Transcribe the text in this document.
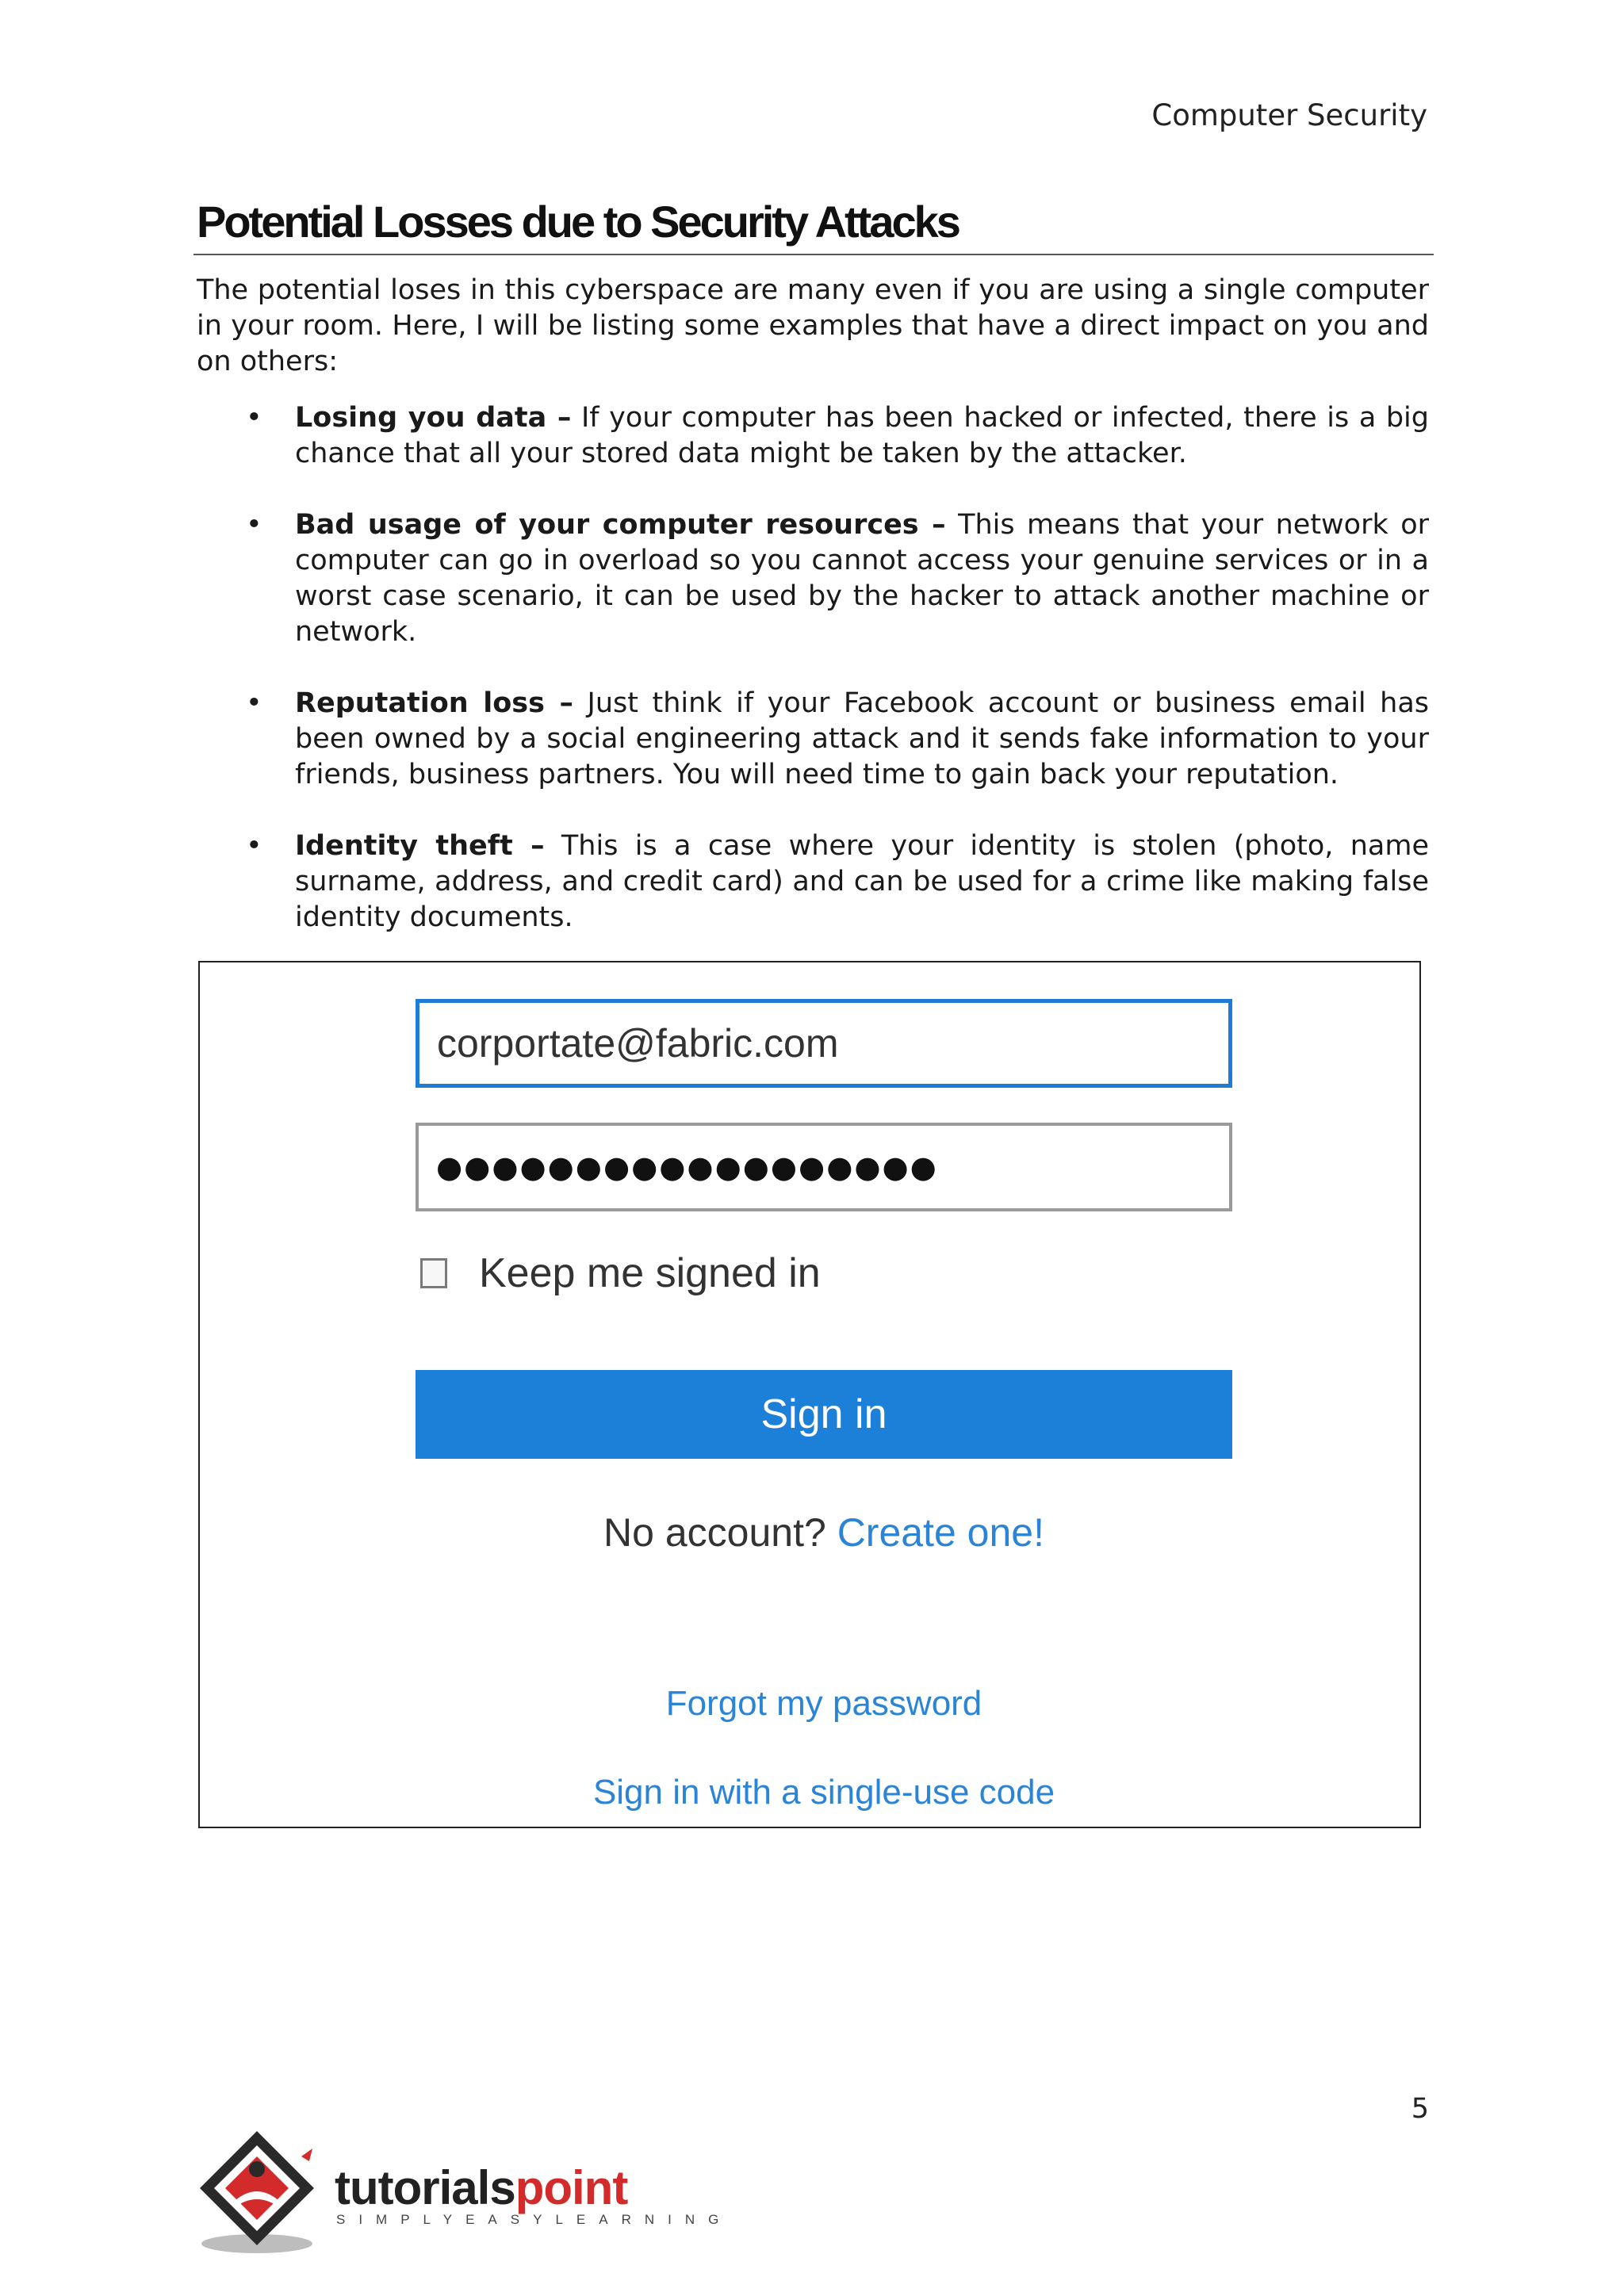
Computer Security
Potential Losses due to Security Attacks

The potential loses in this cyberspace are many even if you are using a single computer in your room. Here, I will be listing some examples that have a direct impact on you and on others:

• Losing you data – If your computer has been hacked or infected, there is a big chance that all your stored data might be taken by the attacker.
• Bad usage of your computer resources – This means that your network or computer can go in overload so you cannot access your genuine services or in a worst case scenario, it can be used by the hacker to attack another machine or network.
• Reputation loss – Just think if your Facebook account or business email has been owned by a social engineering attack and it sends fake information to your friends, business partners. You will need time to gain back your reputation.
• Identity theft – This is a case where your identity is stolen (photo, name surname, address, and credit card) and can be used for a crime like making false identity documents.
corportate@fabric.com
●●●●●●●●●●●●●●●●●●
Keep me signed in
Sign in
No account? Create one!
Forgot my password
Sign in with a single-use code
5
tutorialspoint
SIMPLYEASYLEARNING
